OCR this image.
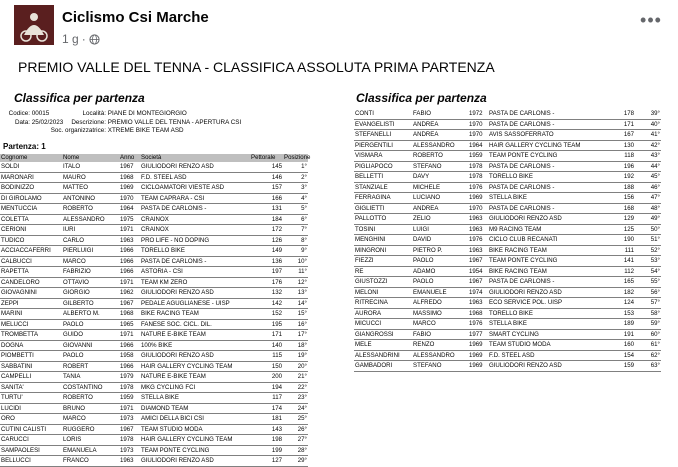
Ciclismo Csi Marche
1 g ·
•••
PREMIO VALLE DEL TENNA - CLASSIFICA ASSOLUTA PRIMA PARTENZA
Classifica per partenza	Classifica per partenza
Codice: 00015
Data: 25/02/2023
Località: PIANE DI MONTEGIORGIO
Descrizione: PREMIO VALLE DEL TENNA - APERTURA CSI
Soc. organizzatrice: XTREME BIKE TEAM ASD
Partenza: 1
Cognome	Nome	Anno	Società	Pettorale	Posizione
SOLDI	ITALO	1967	GIULIODORI RENZO ASD	145	1°
MARONARI	MAURO	1968	F.D. STEEL ASD	146	2°
BODINIZZO	MATTEO	1969	CICLOAMATORI VIESTE ASD	157	3°
DI GIROLAMO	ANTONINO	1970	TEAM CAPRARA - CSI	166	4°
MENTUCCIA	ROBERTO	1964	PASTA DE CARLONIS -	131	5°
COLETTA	ALESSANDRO	1975	CRAINOX	184	6°
CERIONI	IURI	1971	CRAINOX	172	7°
TUDICO	CARLO	1963	PRO LIFE - NO DOPING	126	8°
ACCIACCAFERRI	PIERLUIGI	1966	TORELLO BIKE	149	9°
CALBUCCI	MARCO	1966	PASTA DE CARLONIS -	136	10°
RAPETTA	FABRIZIO	1966	ASTORIA - CSI	197	11°
CANDELORO	OTTAVIO	1971	TEAM KM ZERO	176	12°
GIOVAGNINI	GIORGIO	1962	GIULIODORI RENZO ASD	132	13°
ZEPPI	GILBERTO	1967	PEDALE AGUGLIANESE - UISP	142	14°
MARINI	ALBERTO M.	1968	BIKE RACING TEAM	152	15°
MELUCCI	PAOLO	1965	FANESE SOC. CICL. DIL.	195	16°
TROMBETTA	GUIDO	1971	NATURE E-BIKE TEAM	171	17°
DOGNA	GIOVANNI	1966	100% BIKE	140	18°
PIOMBETTI	PAOLO	1958	GIULIODORI RENZO ASD	115	19°
SABBATINI	ROBERT	1966	HAIR GALLERY CYCLING TEAM	150	20°
CAMPELLI	TANIA	1979	NATURE E-BIKE TEAM	200	21°
SANITA'	COSTANTINO	1978	MKG CYCLING FCI	194	22°
TURTU'	ROBERTO	1959	STELLA BIKE	117	23°
LUCIDI	BRUNO	1971	DIAMOND TEAM	174	24°
ORO	MARCO	1973	AMICI DELLA BICI CSI	181	25°
CUTINI CALISTI	RUGGERO	1967	TEAM STUDIO MODA	143	26°
CARUCCI	LORIS	1978	HAIR GALLERY CYCLING TEAM	198	27°
SAMPAOLESI	EMANUELA	1973	TEAM PONTE CYCLING	199	28°
BELLUCCI	FRANCO	1963	GIULIODORI RENZO ASD	127	29°
CONTI	FABIO	1972	PASTA DE CARLONIS -	178	39°
EVANGELISTI	ANDREA	1970	PASTA DE CARLONIS -	171	40°
STEFANELLI	ANDREA	1970	AVIS SASSOFERRATO	167	41°
PIERGENTILI	ALESSANDRO	1964	HAIR GALLERY CYCLING TEAM	130	42°
VISMARA	ROBERTO	1959	TEAM PONTE CYCLING	118	43°
PIGLIAPOCO	STEFANO	1978	PASTA DE CARLONIS -	196	44°
BELLETTI	DAVY	1978	TORELLO BIKE	192	45°
STANZIALE	MICHELE	1976	PASTA DE CARLONIS -	188	46°
FERRAGINA	LUCIANO	1969	STELLA BIKE	156	47°
GIGLIETTI	ANDREA	1970	PASTA DE CARLONIS -	168	48°
PALLOTTO	ZELIO	1963	GIULIODORI RENZO ASD	129	49°
TOSINI	LUIGI	1963	M9 RACING TEAM	125	50°
MENGHINI	DAVID	1976	CICLO CLUB RECANATI	190	51°
MINGRONI	PIETRO P.	1963	BIKE RACING TEAM	111	52°
FIEZZI	PAOLO	1967	TEAM PONTE CYCLING	141	53°
RE	ADAMO	1954	BIKE RACING TEAM	112	54°
GIUSTOZZI	PAOLO	1967	PASTA DE CARLONIS -	165	55°
MELONI	EMANUELE	1974	GIULIODORI RENZO ASD	182	56°
RITRECINA	ALFREDO	1963	ECO SERVICE POL. UISP	124	57°
AURORA	MASSIMO	1968	TORELLO BIKE	153	58°
MICUCCI	MARCO	1976	STELLA BIKE	189	59°
GIANGROSSI	FABIO	1977	SMART CYCLING	191	60°
MELE	RENZO	1969	TEAM STUDIO MODA	160	61°
ALESSANDRINI	ALESSANDRO	1969	F.D. STEEL ASD	154	62°
GAMBADORI	STEFANO	1969	GIULIODORI RENZO ASD	159	63°
